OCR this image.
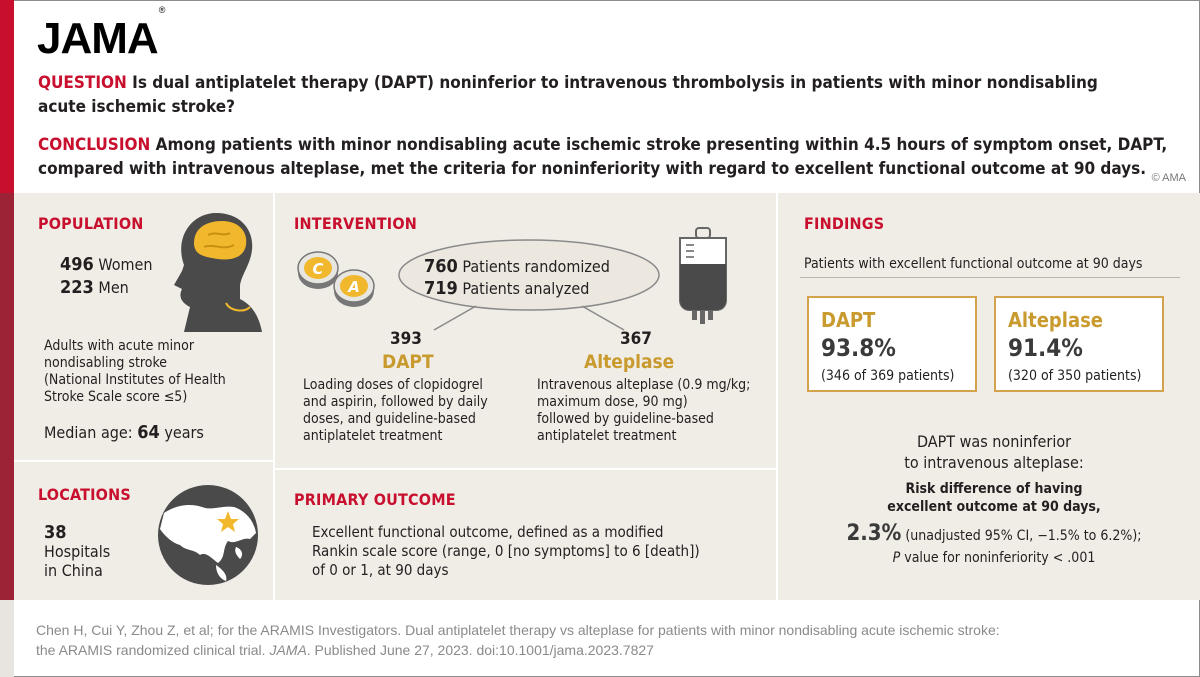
JAMA®
QUESTION Is dual antiplatelet therapy (DAPT) noninferior to intravenous thrombolysis in patients with minor nondisabling
acute ischemic stroke?
CONCLUSION Among patients with minor nondisabling acute ischemic stroke presenting within 4.5 hours of symptom onset, DAPT,
compared with intravenous alteplase, met the criteria for noninferiority with regard to excellent functional outcome at 90 days. © AMA
POPULATION
496 Women
223 Men
Adults with acute minor
nondisabling stroke
(National Institutes of Health
Stroke Scale score ≤5)
Median age: 64 years
LOCATIONS
38
Hospitals
in China
INTERVENTION
C
A
760 Patients randomized
719 Patients analyzed
393
DAPT
Loading doses of clopidogrel
and aspirin, followed by daily
doses, and guideline-based
antiplatelet treatment
367
Alteplase
Intravenous alteplase (0.9 mg/kg;
maximum dose, 90 mg)
followed by guideline-based
antiplatelet treatment
PRIMARY OUTCOME
Excellent functional outcome, defined as a modified
Rankin scale score (range, 0 [no symptoms] to 6 [death])
of 0 or 1, at 90 days
FINDINGS
Patients with excellent functional outcome at 90 days
DAPT
93.8%
(346 of 369 patients)
Alteplase
91.4%
(320 of 350 patients)
DAPT was noninferior
to intravenous alteplase:
Risk difference of having
excellent outcome at 90 days,
2.3% (unadjusted 95% CI, −1.5% to 6.2%);
P value for noninferiority < .001
Chen H, Cui Y, Zhou Z, et al; for the ARAMIS Investigators. Dual antiplatelet therapy vs alteplase for patients with minor nondisabling acute ischemic stroke:
the ARAMIS randomized clinical trial. JAMA. Published June 27, 2023. doi:10.1001/jama.2023.7827
